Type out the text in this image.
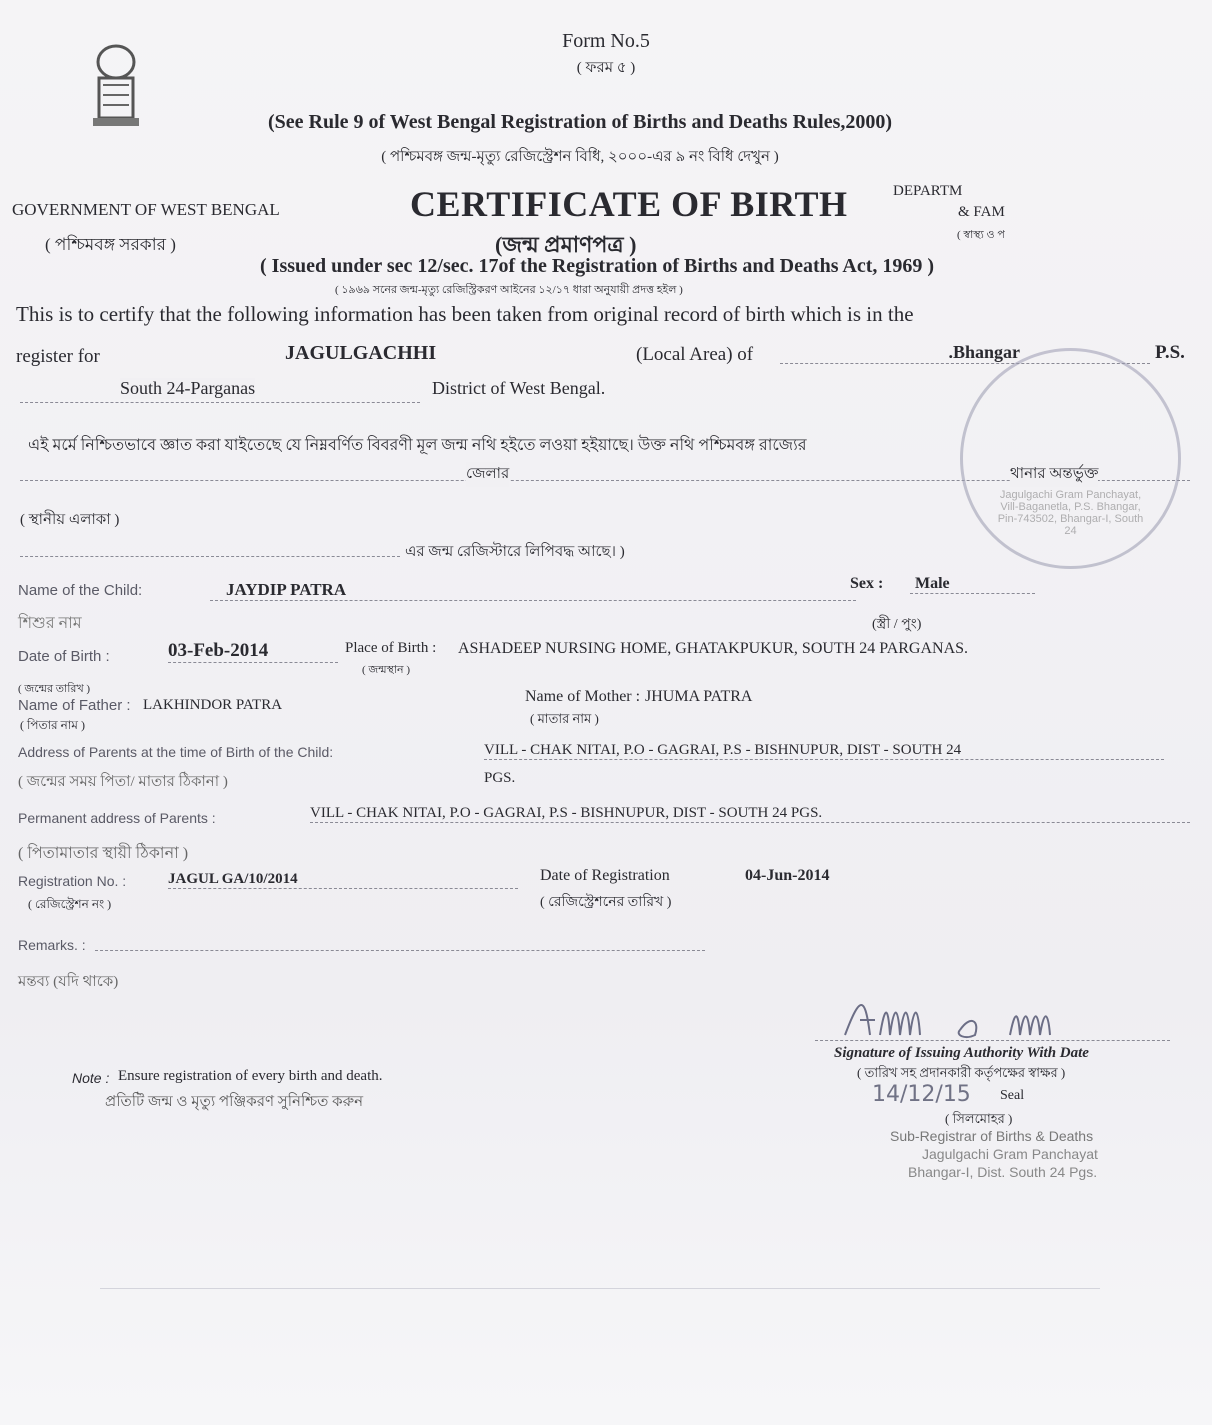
Form No.5
( ফরম ৫ )
(See Rule 9 of West Bengal Registration of Births and Deaths Rules,2000)
( পশ্চিমবঙ্গ জন্ম-মৃত্যু রেজিস্ট্রেশন বিধি, ২০০০-এর ৯ নং বিধি দেখুন )
GOVERNMENT OF WEST BENGAL
( পশ্চিমবঙ্গ সরকার )
CERTIFICATE OF BIRTH
(জন্ম প্রমাণপত্র )
DEPARTM
& FAM
( স্বাস্থ্য ও প
( Issued under sec 12/sec. 17of the Registration of Births and Deaths Act, 1969 )
( ১৯৬৯ সনের জন্ম-মৃত্যু রেজিস্ট্রিকরণ আইনের ১২/১৭ ধারা অনুযায়ী প্রদত্ত হইল )
This is to certify that the following information has been taken from original record of birth which is in the
register for	JAGULGACHHI	(Local Area) of	.Bhangar	P.S.
South 24-Parganas	District of West Bengal.
এই মর্মে নিশ্চিতভাবে জ্ঞাত করা যাইতেছে যে নিম্নবর্ণিত বিবরণী মূল জন্ম নথি হইতে লওয়া হইয়াছে। উক্ত নথি পশ্চিমবঙ্গ রাজ্যের
জেলার	থানার অন্তর্ভুক্ত
( স্থানীয় এলাকা )
এর জন্ম রেজিস্টারে লিপিবদ্ধ আছে। )
Jagulgachi Gram Panchayat, Vill-Baganetla, P.S. Bhangar, Pin-743502, Bhangar-I, South 24
Name of the Child:	JAYDIP PATRA
শিশুর নাম
Sex :	Male
(স্ত্রী / পুং)
Date of Birth :	03-Feb-2014
( জন্মের তারিখ )
Place of Birth : ASHADEEP NURSING HOME, GHATAKPUKUR, SOUTH 24 PARGANAS.
( জন্মস্থান )
Name of Father : LAKHINDOR PATRA
( পিতার নাম )
Name of Mother : JHUMA PATRA
( মাতার নাম )
Address of Parents at the time of Birth of the Child:	VILL - CHAK NITAI, P.O - GAGRAI, P.S - BISHNUPUR, DIST - SOUTH 24
( জন্মের সময় পিতা/ মাতার ঠিকানা )	PGS.
Permanent address of Parents :	VILL - CHAK NITAI, P.O - GAGRAI, P.S - BISHNUPUR, DIST - SOUTH 24 PGS.
( পিতামাতার স্থায়ী ঠিকানা )
Registration No. :	JAGUL GA/10/2014
( রেজিস্ট্রেশন নং )
Date of Registration	04-Jun-2014
( রেজিস্ট্রেশনের তারিখ )
Remarks. :
মন্তব্য (যদি থাকে)
Signature of Issuing Authority With Date
( তারিখ সহ প্রদানকারী কর্তৃপক্ষের স্বাক্ষর )
14/12/15 Seal
( সিলমোহর )
Sub-Registrar of Births & Deaths
Jagulgachi Gram Panchayat
Bhangar-I, Dist. South 24 Pgs.
Note : Ensure registration of every birth and death.
প্রতিটি জন্ম ও মৃত্যু পঞ্জিকরণ সুনিশ্চিত করুন
